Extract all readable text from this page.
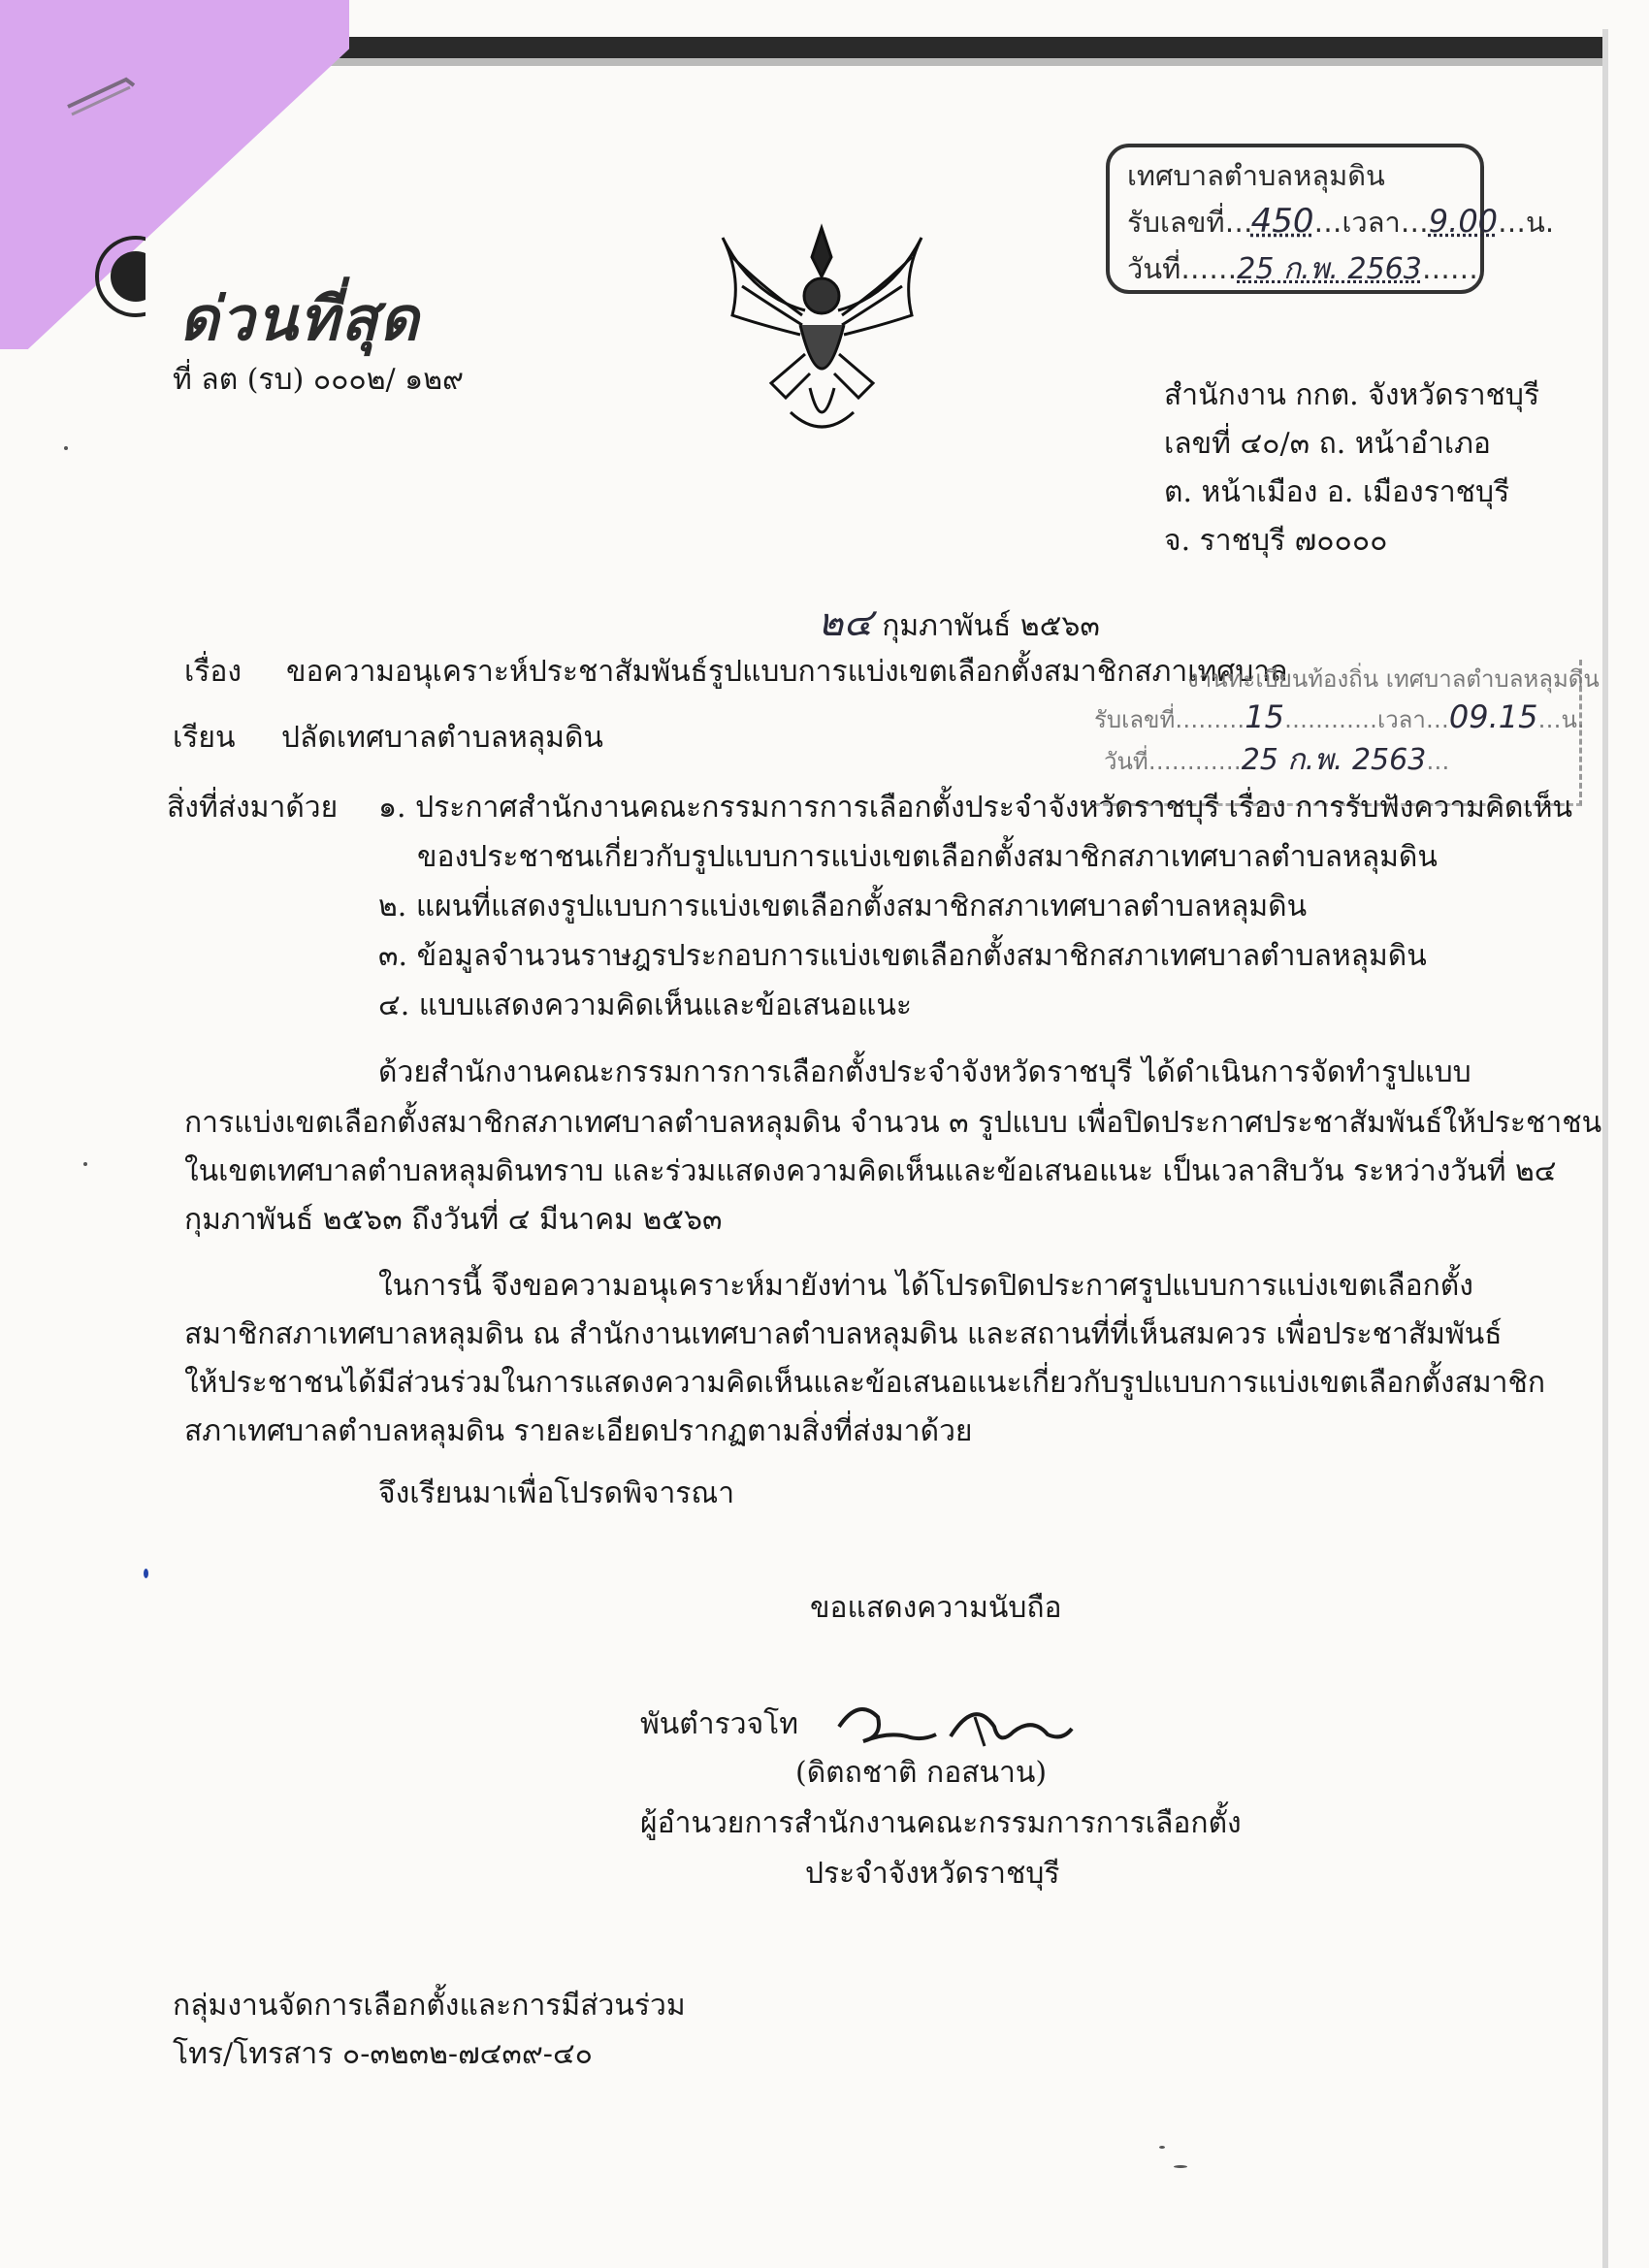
ด่วนที่สุด
ที่ ลต (รบ) ๐๐๐๒/ ๑๒๙
เทศบาลตำบลหลุมดิน
รับเลขที่…450…เวลา…9.00…น.
วันที่……25 ก.พ. 2563……
สำนักงาน กกต. จังหวัดราชบุรี
เลขที่ ๔๐/๓ ถ. หน้าอำเภอ
ต. หน้าเมือง อ. เมืองราชบุรี
จ. ราชบุรี ๗๐๐๐๐
๒๔ กุมภาพันธ์ ๒๕๖๓
เรื่อง ขอความอนุเคราะห์ประชาสัมพันธ์รูปแบบการแบ่งเขตเลือกตั้งสมาชิกสภาเทศบาล
เรียน ปลัดเทศบาลตำบลหลุมดิน
งานทะเบียนท้องถิ่น เทศบาลตำบลหลุมดิน
รับเลขที่………15…………เวลา…09.15…น.
วันที่…………25 ก.พ. 2563…
สิ่งที่ส่งมาด้วย ๑. ประกาศสำนักงานคณะกรรมการการเลือกตั้งประจำจังหวัดราชบุรี เรื่อง การรับฟังความคิดเห็น
ของประชาชนเกี่ยวกับรูปแบบการแบ่งเขตเลือกตั้งสมาชิกสภาเทศบาลตำบลหลุมดิน
๒. แผนที่แสดงรูปแบบการแบ่งเขตเลือกตั้งสมาชิกสภาเทศบาลตำบลหลุมดิน
๓. ข้อมูลจำนวนราษฎรประกอบการแบ่งเขตเลือกตั้งสมาชิกสภาเทศบาลตำบลหลุมดิน
๔. แบบแสดงความคิดเห็นและข้อเสนอแนะ
ด้วยสำนักงานคณะกรรมการการเลือกตั้งประจำจังหวัดราชบุรี ได้ดำเนินการจัดทำรูปแบบ
การแบ่งเขตเลือกตั้งสมาชิกสภาเทศบาลตำบลหลุมดิน จำนวน ๓ รูปแบบ เพื่อปิดประกาศประชาสัมพันธ์ให้ประชาชน
ในเขตเทศบาลตำบลหลุมดินทราบ และร่วมแสดงความคิดเห็นและข้อเสนอแนะ เป็นเวลาสิบวัน ระหว่างวันที่ ๒๔
กุมภาพันธ์ ๒๕๖๓ ถึงวันที่ ๔ มีนาคม ๒๕๖๓
ในการนี้ จึงขอความอนุเคราะห์มายังท่าน ได้โปรดปิดประกาศรูปแบบการแบ่งเขตเลือกตั้ง
สมาชิกสภาเทศบาลหลุมดิน ณ สำนักงานเทศบาลตำบลหลุมดิน และสถานที่ที่เห็นสมควร เพื่อประชาสัมพันธ์
ให้ประชาชนได้มีส่วนร่วมในการแสดงความคิดเห็นและข้อเสนอแนะเกี่ยวกับรูปแบบการแบ่งเขตเลือกตั้งสมาชิก
สภาเทศบาลตำบลหลุมดิน รายละเอียดปรากฏตามสิ่งที่ส่งมาด้วย
จึงเรียนมาเพื่อโปรดพิจารณา
ขอแสดงความนับถือ
พันตำรวจโท
(ดิตถชาติ กอสนาน)
ผู้อำนวยการสำนักงานคณะกรรมการการเลือกตั้ง
ประจำจังหวัดราชบุรี
กลุ่มงานจัดการเลือกตั้งและการมีส่วนร่วม
โทร/โทรสาร ๐-๓๒๓๒-๗๔๓๙-๔๐
